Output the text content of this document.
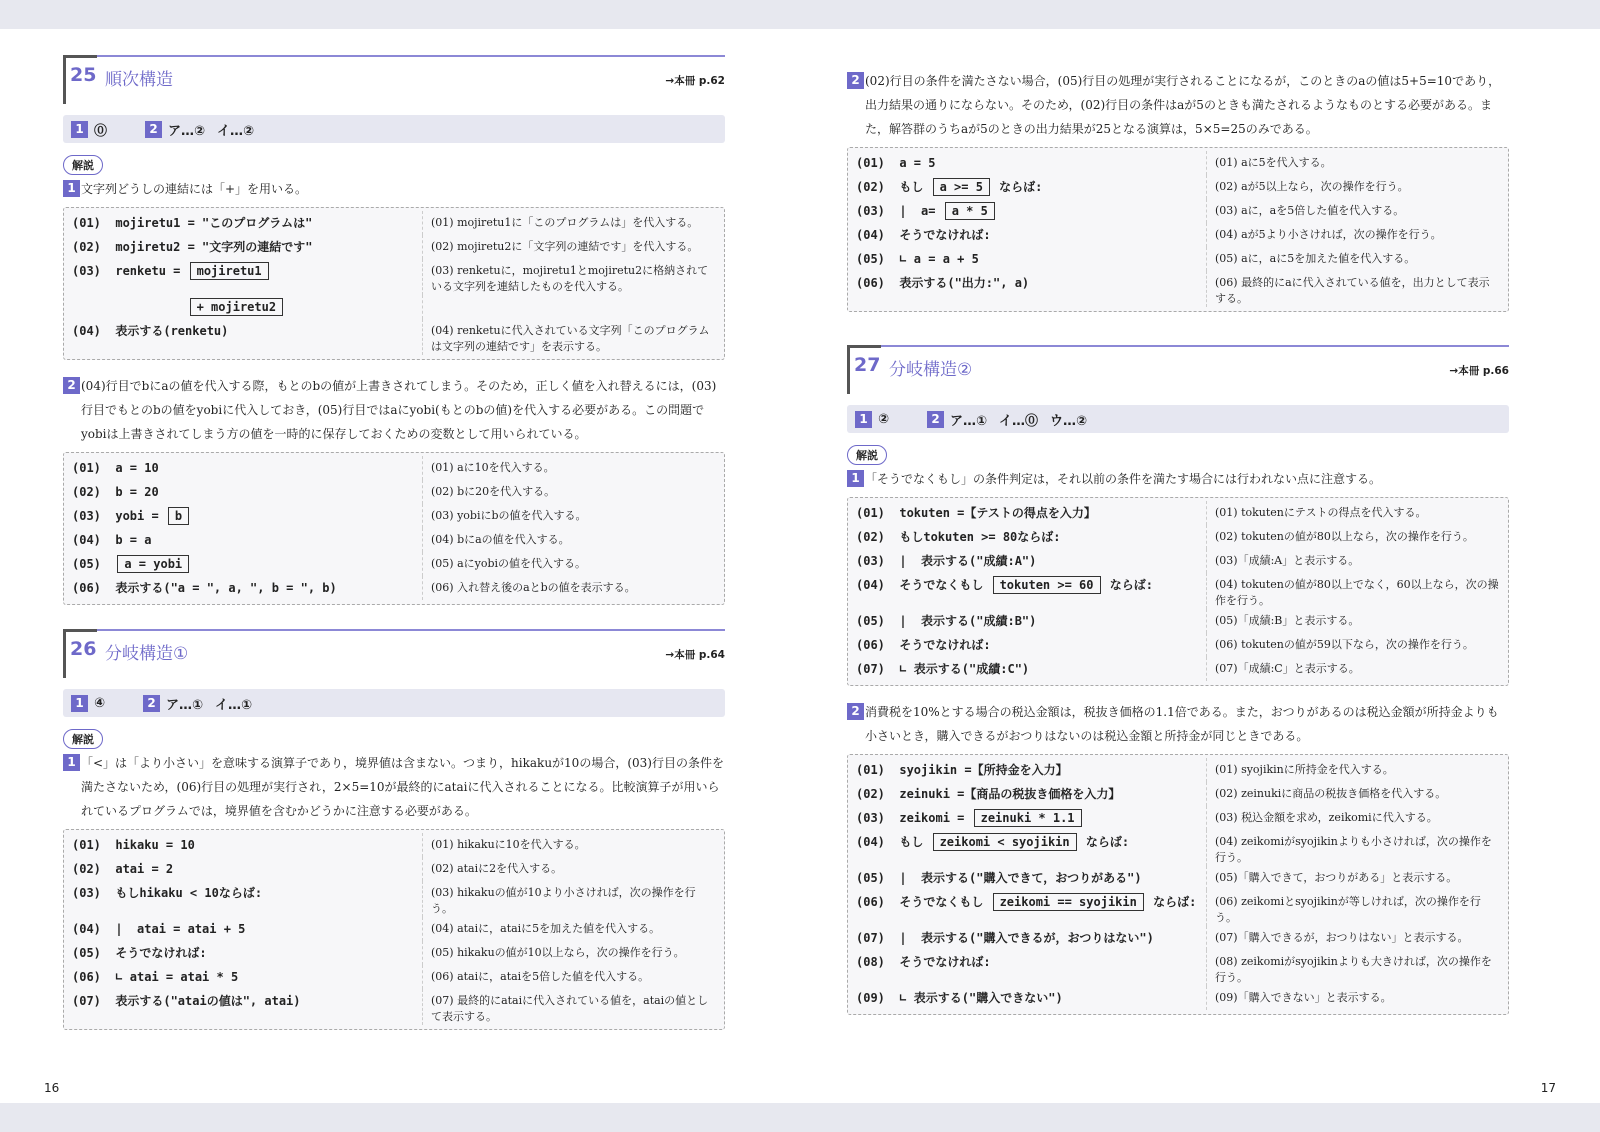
25 順次構造	→本冊 p.62
1 ⓪	2 ア…② イ…②
解説
1 文字列どうしの連結には「+」を用いる。
(01)  mojiretu1 = "このプログラムは"	(01) mojiretu1に「このプログラムは」を代入する。
(02)  mojiretu2 = "文字列の連結です"	(02) mojiretu2に「文字列の連結です」を代入する。
(03)  renketu = mojiretu1	(03) renketuに，mojiretu1とmojiretu2に格納されている文字列を連結したものを代入する。
+ mojiretu2
(04)  表示する(renketu)	(04) renketuに代入されている文字列「このプログラムは文字列の連結です」を表示する。
2 (04)行目でbにaの値を代入する際，もとのbの値が上書きされてしまう。そのため，正しく値を入れ替えるには，(03)行目でもとのbの値をyobiに代入しておき，(05)行目ではaにyobi(もとのbの値)を代入する必要がある。この問題でyobiは上書きされてしまう方の値を一時的に保存しておくための変数として用いられている。
(01)  a = 10	(01) aに10を代入する。
(02)  b = 20	(02) bに20を代入する。
(03)  yobi = b	(03) yobiにbの値を代入する。
(04)  b = a	(04) bにaの値を代入する。
(05)  a = yobi	(05) aにyobiの値を代入する。
(06)  表示する("a = ", a, ", b = ", b)	(06) 入れ替え後のaとbの値を表示する。
26 分岐構造①	→本冊 p.64
1 ④	2 ア…① イ…①
解説
1 「<」は「より小さい」を意味する演算子であり，境界値は含まない。つまり，hikakuが10の場合，(03)行目の条件を満たさないため，(06)行目の処理が実行され，2×5=10が最終的にataiに代入されることになる。比較演算子が用いられているプログラムでは，境界値を含むかどうかに注意する必要がある。
(01)  hikaku = 10	(01) hikakuに10を代入する。
(02)  atai = 2	(02) ataiに2を代入する。
(03)  もしhikaku < 10ならば:	(03) hikakuの値が10より小さければ，次の操作を行う。
(04)  |  atai = atai + 5	(04) ataiに，ataiに5を加えた値を代入する。
(05)  そうでなければ:	(05) hikakuの値が10以上なら，次の操作を行う。
(06)  ∟ atai = atai * 5	(06) ataiに，ataiを5倍した値を代入する。
(07)  表示する("ataiの値は", atai)	(07) 最終的にataiに代入されている値を，ataiの値として表示する。
16
2 (02)行目の条件を満たさない場合，(05)行目の処理が実行されることになるが，このときのaの値は5+5=10であり，出力結果の通りにならない。そのため，(02)行目の条件はaが5のときも満たされるようなものとする必要がある。また，解答群のうちaが5のときの出力結果が25となる演算は，5×5=25のみである。
(01)  a = 5	(01) aに5を代入する。
(02)  もし a >= 5 ならば:	(02) aが5以上なら，次の操作を行う。
(03)  |  a= a * 5	(03) aに，aを5倍した値を代入する。
(04)  そうでなければ:	(04) aが5より小さければ，次の操作を行う。
(05)  ∟ a = a + 5	(05) aに，aに5を加えた値を代入する。
(06)  表示する("出力:", a)	(06) 最終的にaに代入されている値を，出力として表示する。
27 分岐構造②	→本冊 p.66
1 ②	2 ア…① イ…⓪ ウ…②
解説
1 「そうでなくもし」の条件判定は，それ以前の条件を満たす場合には行われない点に注意する。
(01)  tokuten =【テストの得点を入力】	(01) tokutenにテストの得点を代入する。
(02)  もしtokuten >= 80ならば:	(02) tokutenの値が80以上なら，次の操作を行う。
(03)  |  表示する("成績:A")	(03)「成績:A」と表示する。
(04)  そうでなくもし tokuten >= 60 ならば:	(04) tokutenの値が80以上でなく，60以上なら，次の操作を行う。
(05)  |  表示する("成績:B")	(05)「成績:B」と表示する。
(06)  そうでなければ:	(06) tokutenの値が59以下なら，次の操作を行う。
(07)  ∟ 表示する("成績:C")	(07)「成績:C」と表示する。
2 消費税を10%とする場合の税込金額は，税抜き価格の1.1倍である。また，おつりがあるのは税込金額が所持金よりも小さいとき，購入できるがおつりはないのは税込金額と所持金が同じときである。
(01)  syojikin =【所持金を入力】	(01) syojikinに所持金を代入する。
(02)  zeinuki =【商品の税抜き価格を入力】	(02) zeinukiに商品の税抜き価格を代入する。
(03)  zeikomi = zeinuki * 1.1	(03) 税込金額を求め，zeikomiに代入する。
(04)  もし zeikomi < syojikin ならば:	(04) zeikomiがsyojikinよりも小さければ，次の操作を行う。
(05)  |  表示する("購入できて，おつりがある")	(05)「購入できて，おつりがある」と表示する。
(06)  そうでなくもし zeikomi == syojikin ならば:	(06) zeikomiとsyojikinが等しければ，次の操作を行う。
(07)  |  表示する("購入できるが，おつりはない")	(07)「購入できるが，おつりはない」と表示する。
(08)  そうでなければ:	(08) zeikomiがsyojikinよりも大きければ，次の操作を行う。
(09)  ∟ 表示する("購入できない")	(09)「購入できない」と表示する。
17
